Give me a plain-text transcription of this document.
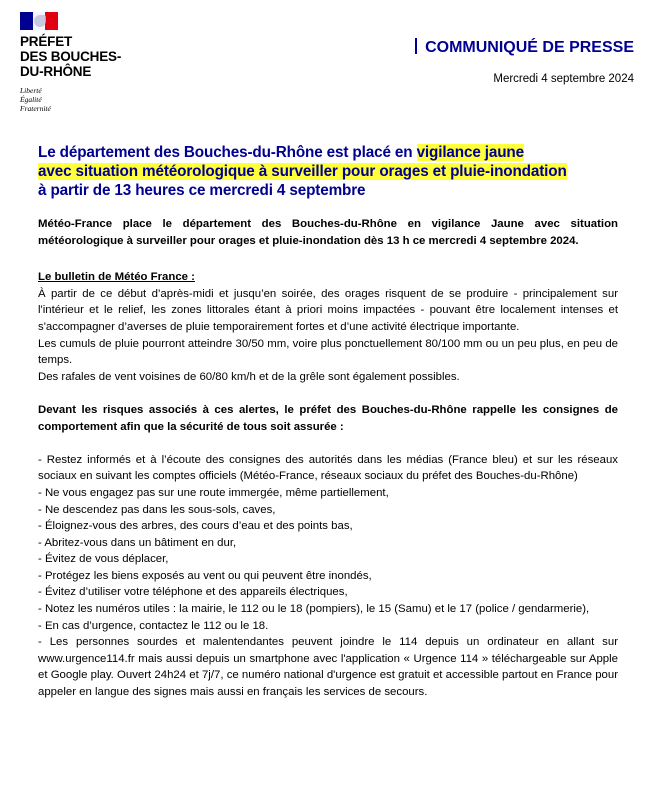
PRÉFET
DES BOUCHES-
DU-RHÔNE
Liberté
Égalité
Fraternité
COMMUNIQUÉ DE PRESSE
Mercredi 4 septembre 2024
Le département des Bouches-du-Rhône est placé en vigilance jaune
avec situation météorologique à surveiller pour orages et pluie-inondation
à partir de 13 heures ce mercredi 4 septembre

Météo-France place le département des Bouches-du-Rhône en vigilance Jaune avec situation météorologique à surveiller pour orages et pluie-inondation dès 13 h ce mercredi 4 septembre 2024.

Le bulletin de Météo France :

À partir de ce début d’après-midi et jusqu’en soirée, des orages risquent de se produire - principalement sur l'intérieur et le relief, les zones littorales étant à priori moins impactées - pouvant être localement intenses et s'accompagner d’averses de pluie temporairement fortes et d’une activité électrique importante.

Les cumuls de pluie pourront atteindre 30/50 mm, voire plus ponctuellement 80/100 mm ou un peu plus, en peu de temps.

Des rafales de vent voisines de 60/80 km/h et de la grêle sont également possibles.

Devant les risques associés à ces alertes, le préfet des Bouches-du-Rhône rappelle les consignes de comportement afin que la sécurité de tous soit assurée :

- Restez informés et à l’écoute des consignes des autorités dans les médias (France bleu) et sur les réseaux sociaux en suivant les comptes officiels (Météo-France, réseaux sociaux du préfet des Bouches-du-Rhône)

- Ne vous engagez pas sur une route immergée, même partiellement,

- Ne descendez pas dans les sous-sols, caves,

- Éloignez-vous des arbres, des cours d’eau et des points bas,

- Abritez-vous dans un bâtiment en dur,

- Évitez de vous déplacer,

- Protégez les biens exposés au vent ou qui peuvent être inondés,

- Évitez d’utiliser votre téléphone et des appareils électriques,

- Notez les numéros utiles : la mairie, le 112 ou le 18 (pompiers), le 15 (Samu) et le 17 (police / gendarmerie),

- En cas d’urgence, contactez le 112 ou le 18.

- Les personnes sourdes et malentendantes peuvent joindre le 114 depuis un ordinateur en allant sur www.urgence114.fr mais aussi depuis un smartphone avec l'application « Urgence 114 » téléchargeable sur Apple et Google play. Ouvert 24h24 et 7j/7, ce numéro national d'urgence est gratuit et accessible partout en France pour appeler en langue des signes mais aussi en français les services de secours.
